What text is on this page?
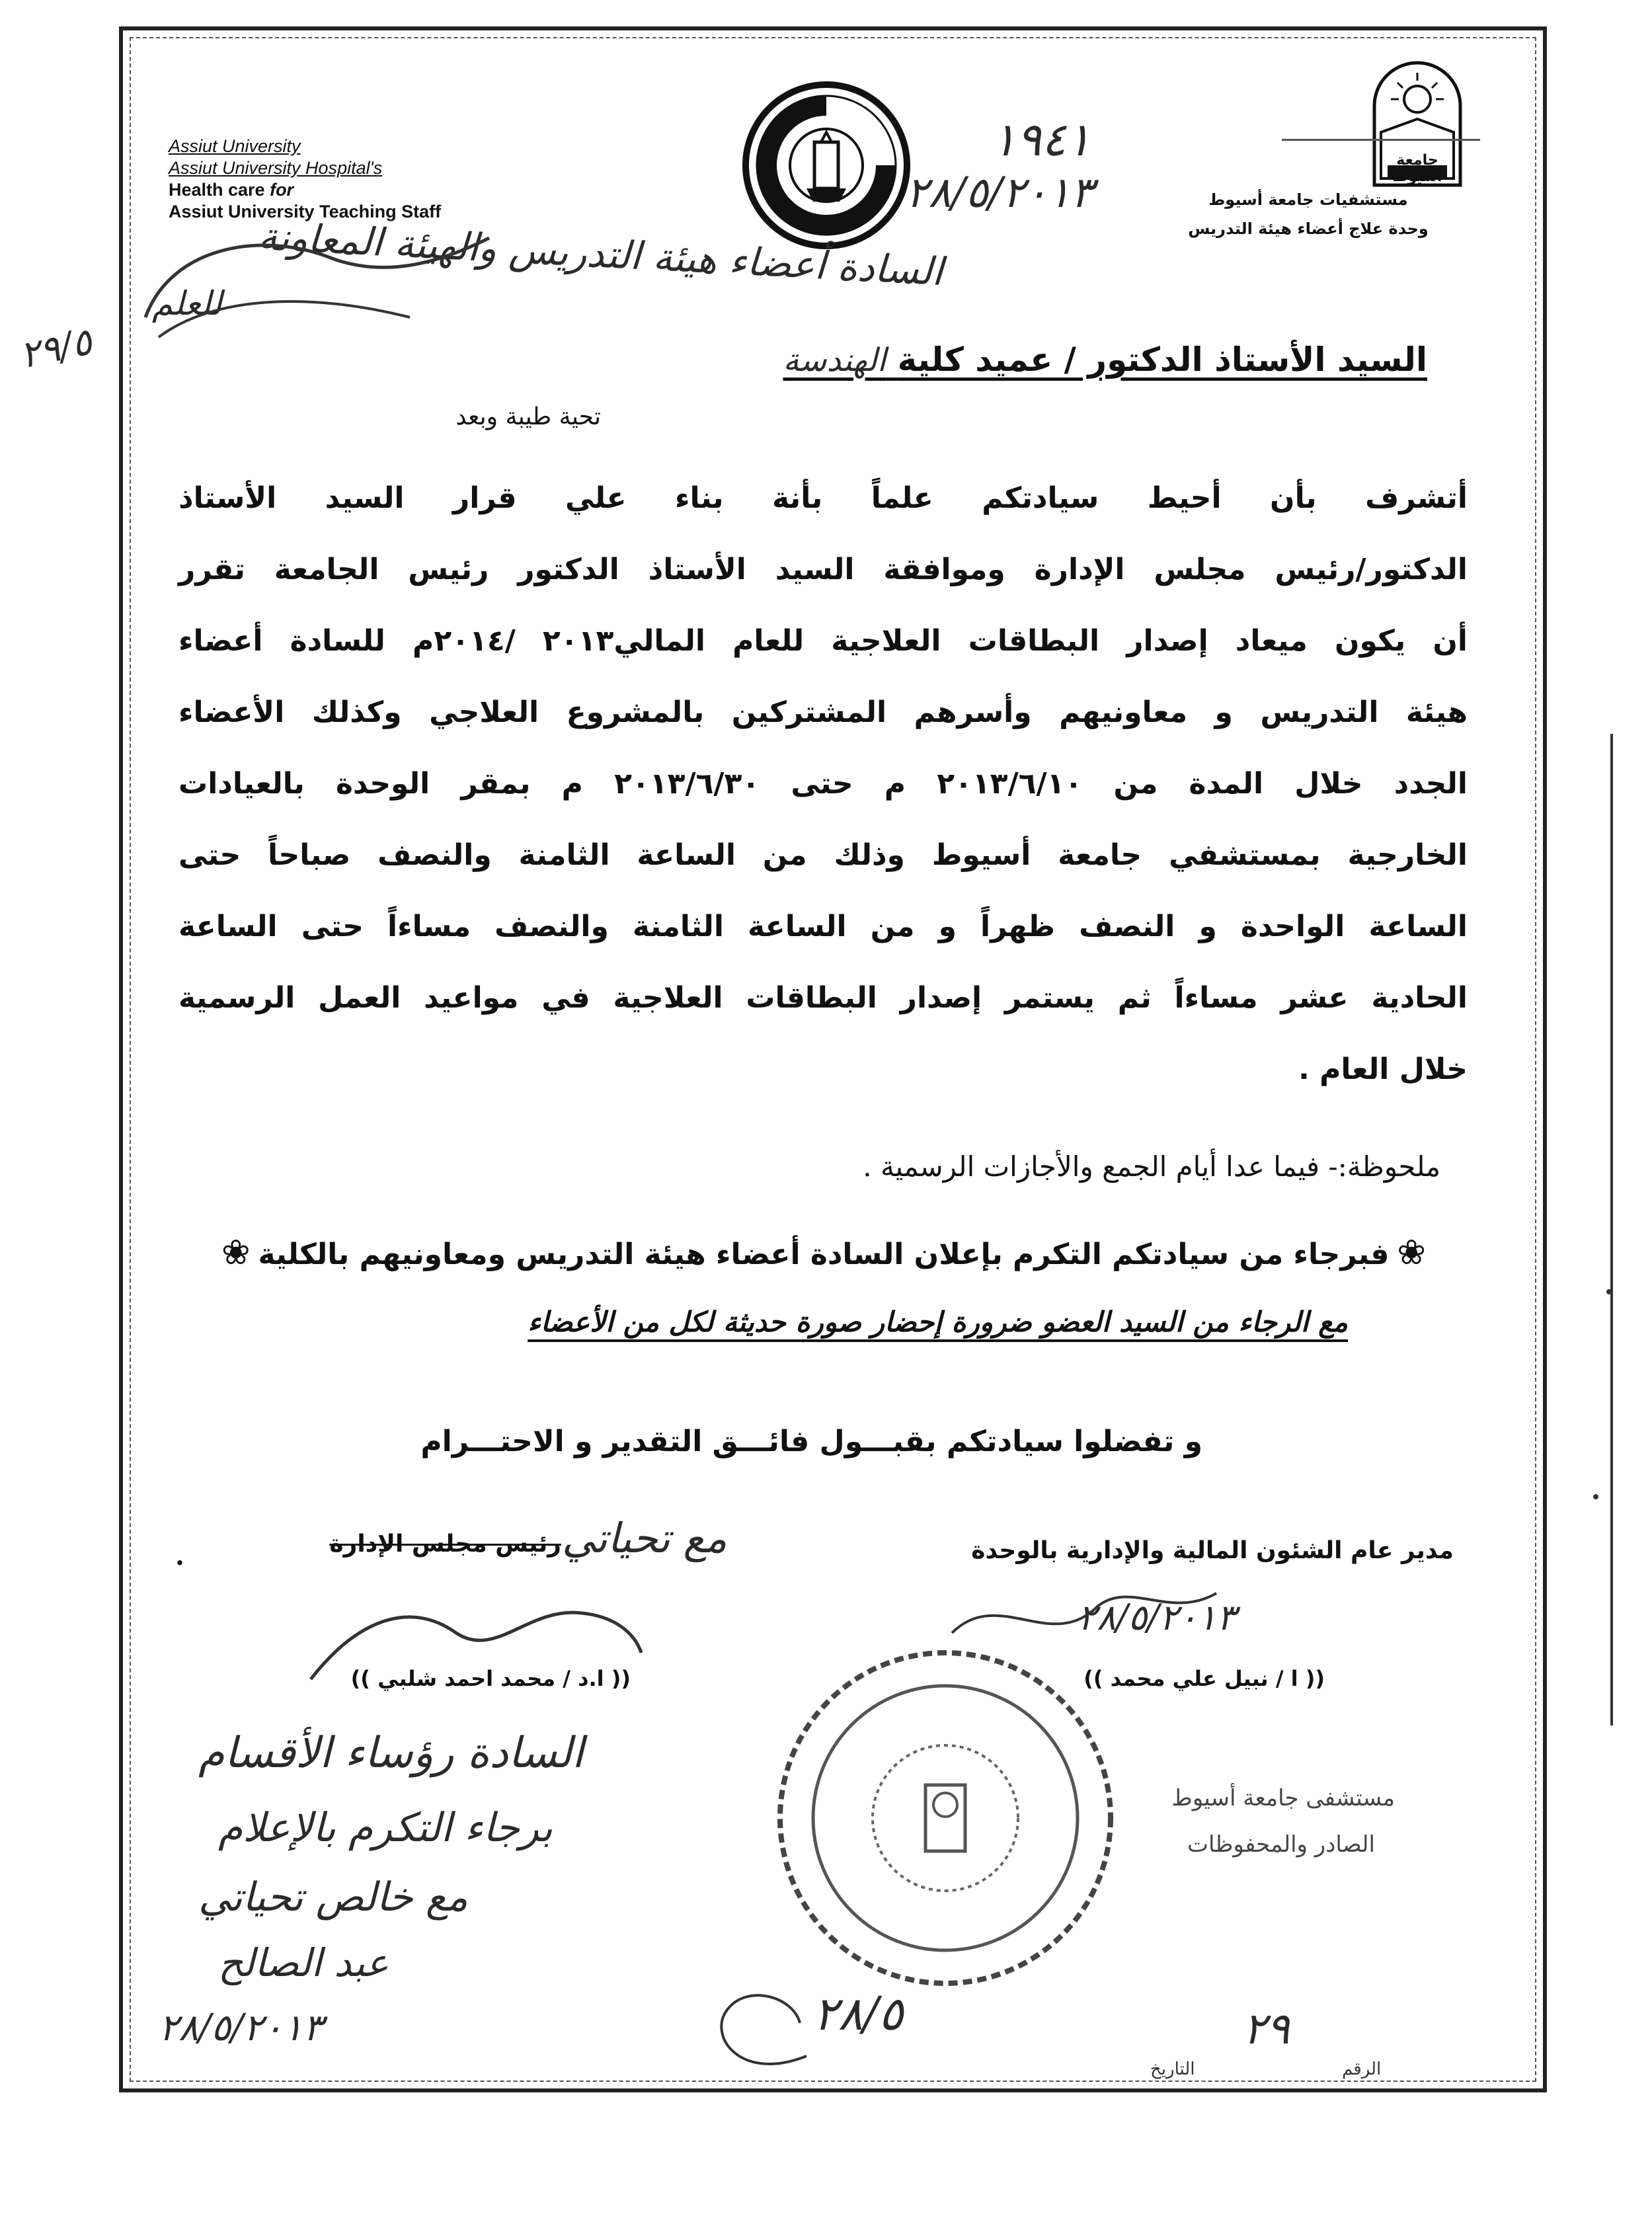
Assiut University
Assiut University Hospital's
Health care for
Assiut University Teaching Staff
جامعة أسيوط
مستشفيات جامعة أسيوط
وحدة علاج أعضاء هيئة التدريس
١٩٤١
٢٨/٥/٢٠١٣
السادة أعضاء هيئة التدريس والهيئة المعاونة
للعلم
٢٩/٥	السيد الأستاذ الدكتور / عميد كلية الهندسة
تحية طيبة وبعد
أتشرف بأن أحيط سيادتكم علماً بأنة بناء علي قرار السيد الأستاذ
الدكتور/رئيس مجلس الإدارة وموافقة السيد الأستاذ الدكتور رئيس الجامعة تقرر
أن يكون ميعاد إصدار البطاقات العلاجية للعام المالي٢٠١٣ /٢٠١٤م للسادة أعضاء
هيئة التدريس و معاونيهم وأسرهم المشتركين بالمشروع العلاجي وكذلك الأعضاء
الجدد خلال المدة من ٢٠١٣/٦/١٠ م حتى ٢٠١٣/٦/٣٠ م بمقر الوحدة بالعيادات
الخارجية بمستشفي جامعة أسيوط وذلك من الساعة الثامنة والنصف صباحاً حتى
الساعة الواحدة و النصف ظهراً و من الساعة الثامنة والنصف مساءاً حتى الساعة
الحادية عشر مساءاً ثم يستمر إصدار البطاقات العلاجية في مواعيد العمل الرسمية
خلال العام .
ملحوظة:- فيما عدا أيام الجمع والأجازات الرسمية .
❀فبرجاء من سيادتكم التكرم بإعلان السادة أعضاء هيئة التدريس ومعاونيهم بالكلية❀
مع الرجاء من السيد العضو ضرورة إحضار صورة حديثة لكل من الأعضاء
و تفضلوا سيادتكم بقبـــول فائـــق التقدير و الاحتـــرام
مدير عام الشئون المالية والإدارية بالوحدة
(( ا / نبيل علي محمد ))
رئيس مجلس الإدارة
(( ا.د / محمد احمد شلبي ))
.	مع تحياتي
٢٨/٥/٢٠١٣
السادة رؤساء الأقسام
برجاء التكرم بالإعلام
مع خالص تحياتي
عبد الصالح
٢٨/٥/٢٠١٣
مستشفى جامعة أسيوط
الصادر والمحفوظات
٢٨/٥	٢٩
الرقم
التاريخ
